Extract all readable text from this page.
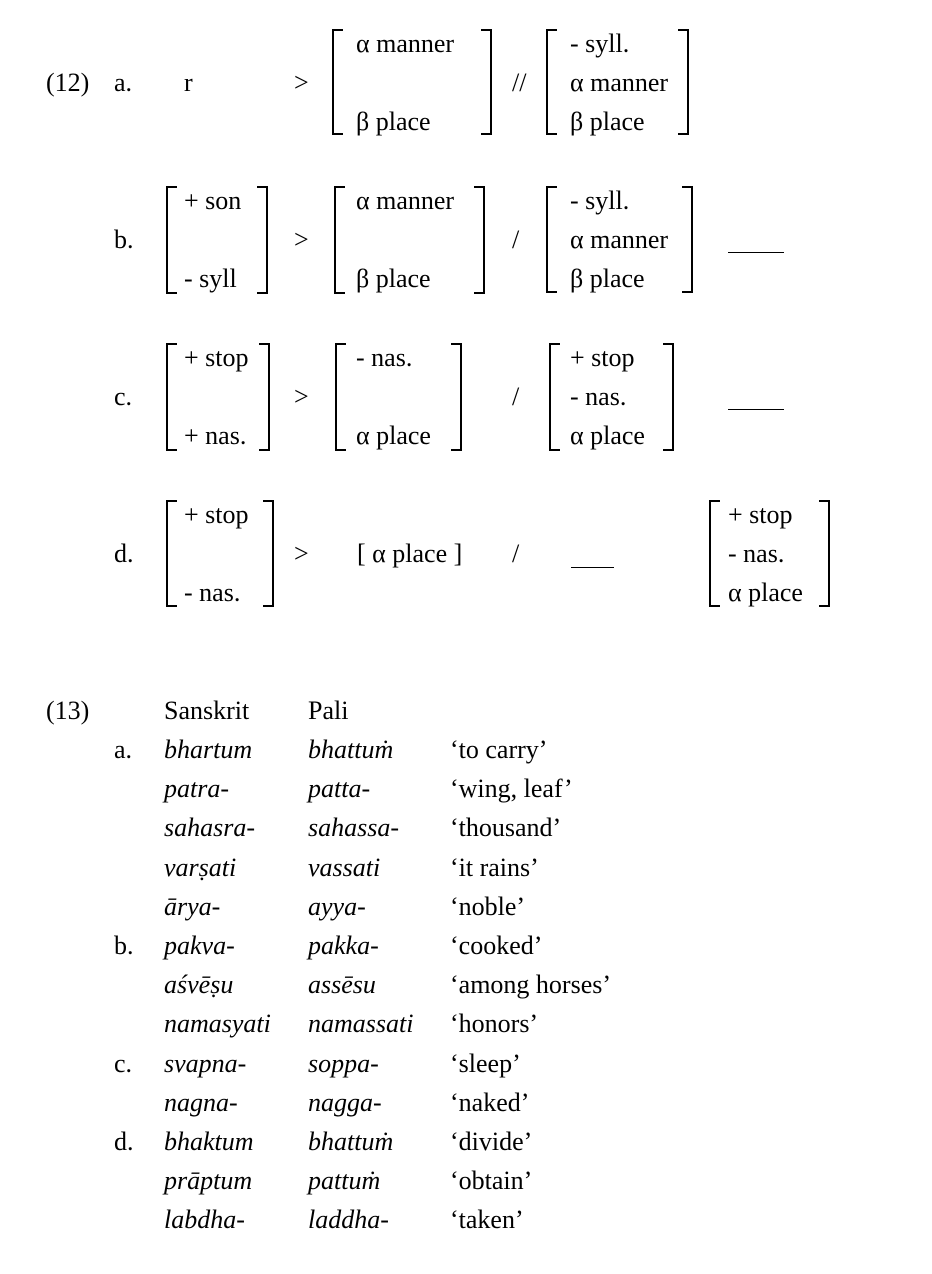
(12) a. r	>
α manner
β place
//
- syll.
α manner
β place
b.
+ son
- syll
>
α manner
β place
/
- syll.
α manner
β place
c.
+ stop
+ nas.
>
- nas.
α place
/
+ stop
- nas.
α place
d.
+ stop
- nas.
> [ α place ] /
+ stop
- nas.
α place
(13)	Sanskrit Pali
a. bhartum bhattuṁ ‘to carry’
patra-	patta-	‘wing, leaf’
sahasra- sahassa- ‘thousand’
varṣati	vassati	‘it rains’
ārya-	ayya-	‘noble’
b. pakva-	pakka-	‘cooked’
aśvēṣu	assēsu	‘among horses’
namasyati namassati ‘honors’
c. svapna- soppa-	‘sleep’
nagna-	nagga-	‘naked’
d. bhaktum bhattuṁ ‘divide’
prāptum pattuṁ	‘obtain’
labdha- laddha- ‘taken’
